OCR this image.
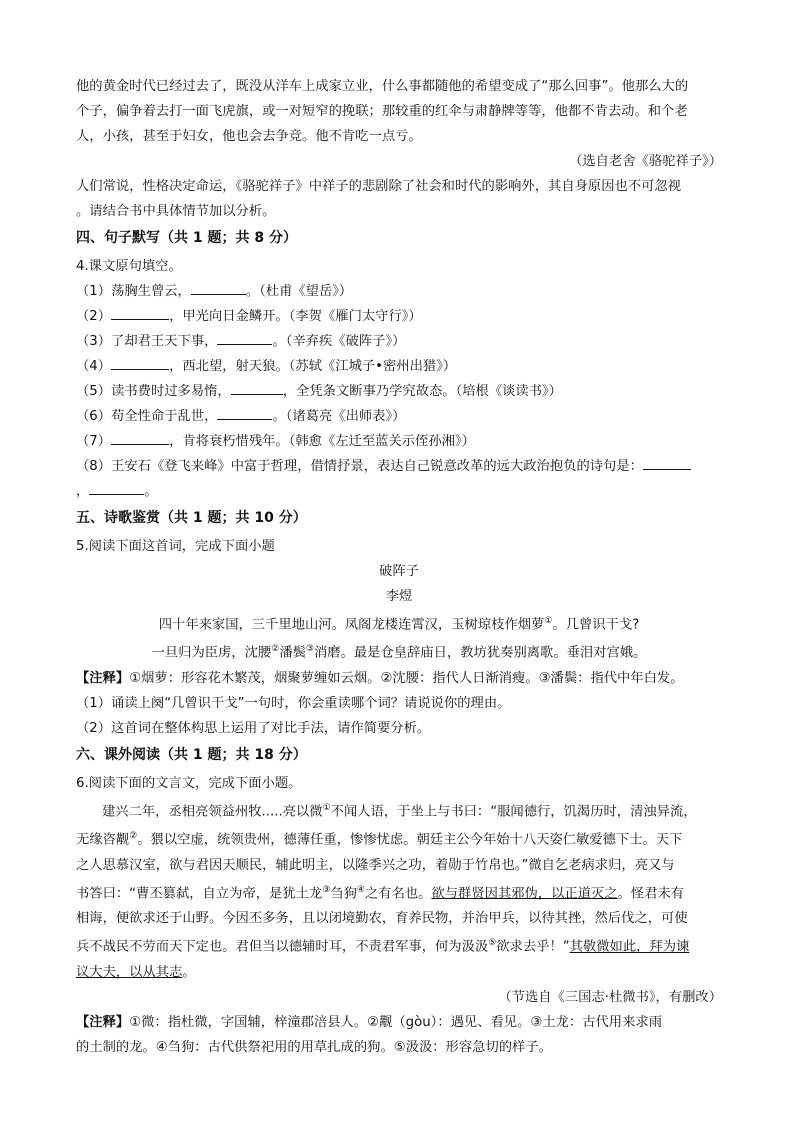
他的黄金时代已经过去了，既没从洋车上成家立业，什么事都随他的希望变成了“那么回事”。他那么大的

个子，偏争着去打一面飞虎旗，或一对短窄的挽联；那较重的红伞与肃静牌等等，他都不肯去动。和个老

人，小孩，甚至于妇女，他也会去争竞。他不肯吃一点亏。

（选自老舍《骆驼祥子》）

人们常说，性格决定命运，《骆驼祥子》中祥子的悲剧除了社会和时代的影响外，其自身原因也不可忽视

。请结合书中具体情节加以分析。

四、句子默写（共 1 题；共 8 分）

4.课文原句填空。

（1）荡胸生曾云，	。（杜甫《望岳》）

（2）	，甲光向日金鳞开。（李贺《雁门太守行》）

（3）了却君王天下事，	。（辛弃疾《破阵子》）

（4）	，西北望，射天狼。（苏轼《江城子•密州出猎》）

（5）读书费时过多易惰，	，全凭条文断事乃学究故态。（培根《谈读书》）

（6）苟全性命于乱世，	。（诸葛亮《出师表》）

（7）	，肯将衰朽惜残年。（韩愈《左迁至蓝关示侄孙湘》）

（8）王安石《登飞来峰》中富于哲理，借情抒景，表达自己锐意改革的远大政治抱负的诗句是：

，	。

五、诗歌鉴赏（共 1 题；共 10 分）

5.阅读下面这首词，完成下面小题

破阵子

李煜

四十年来家国，三千里地山河。凤阁龙楼连霄汉，玉树琼枝作烟萝①。几曾识干戈?

一旦归为臣虏，沈腰②潘鬓③消磨。最是仓皇辞庙日，教坊犹奏别离歌。垂泪对宫娥。

【注释】①烟萝：形容花木繁茂，烟聚萝缠如云烟。②沈腰：指代人日渐消瘦。③潘鬓：指代中年白发。

（1）诵读上阕“几曾识干戈”一句时，你会重读哪个词？请说说你的理由。

（2）这首词在整体构思上运用了对比手法，请作简要分析。

六、课外阅读（共 1 题；共 18 分）

6.阅读下面的文言文，完成下面小题。

建兴二年，丞相亮领益州牧.....亮以微①不闻人语，于坐上与书曰：“服闻德行，饥渴历时，清浊异流，

无缘咨觏②。猥以空虚，统领贵州，德薄任重，惨惨忧虑。朝廷主公今年始十八天姿仁敏爱德下士。天下

之人思慕汉室，欲与君因天顺民，辅此明主，以隆季兴之功，着勋于竹帛也。”微自乞老病求归，亮又与

书答曰：“曹丕篡弑，自立为帝，是犹土龙③刍狗④之有名也。欲与群贤因其邪伪，以正道灭之。怪君未有

相诲，便欲求还于山野。今因丕多务，且以闭境勤农，育养民物，并治甲兵，以待其挫，然后伐之，可使

兵不战民不劳而天下定也。君但当以德辅时耳，不责君军事，何为汲汲⑤欲求去乎！”其敬微如此，拜为谏

议大夫，以从其志。

（节选自《三国志·杜微书》，有删改）

【注释】①微：指杜微，字国辅，梓潼郡涪县人。②觏（gòu）：遇见、看见。③土龙：古代用来求雨

的土制的龙。④刍狗：古代供祭祀用的用草扎成的狗。⑤汲汲：形容急切的样子。
